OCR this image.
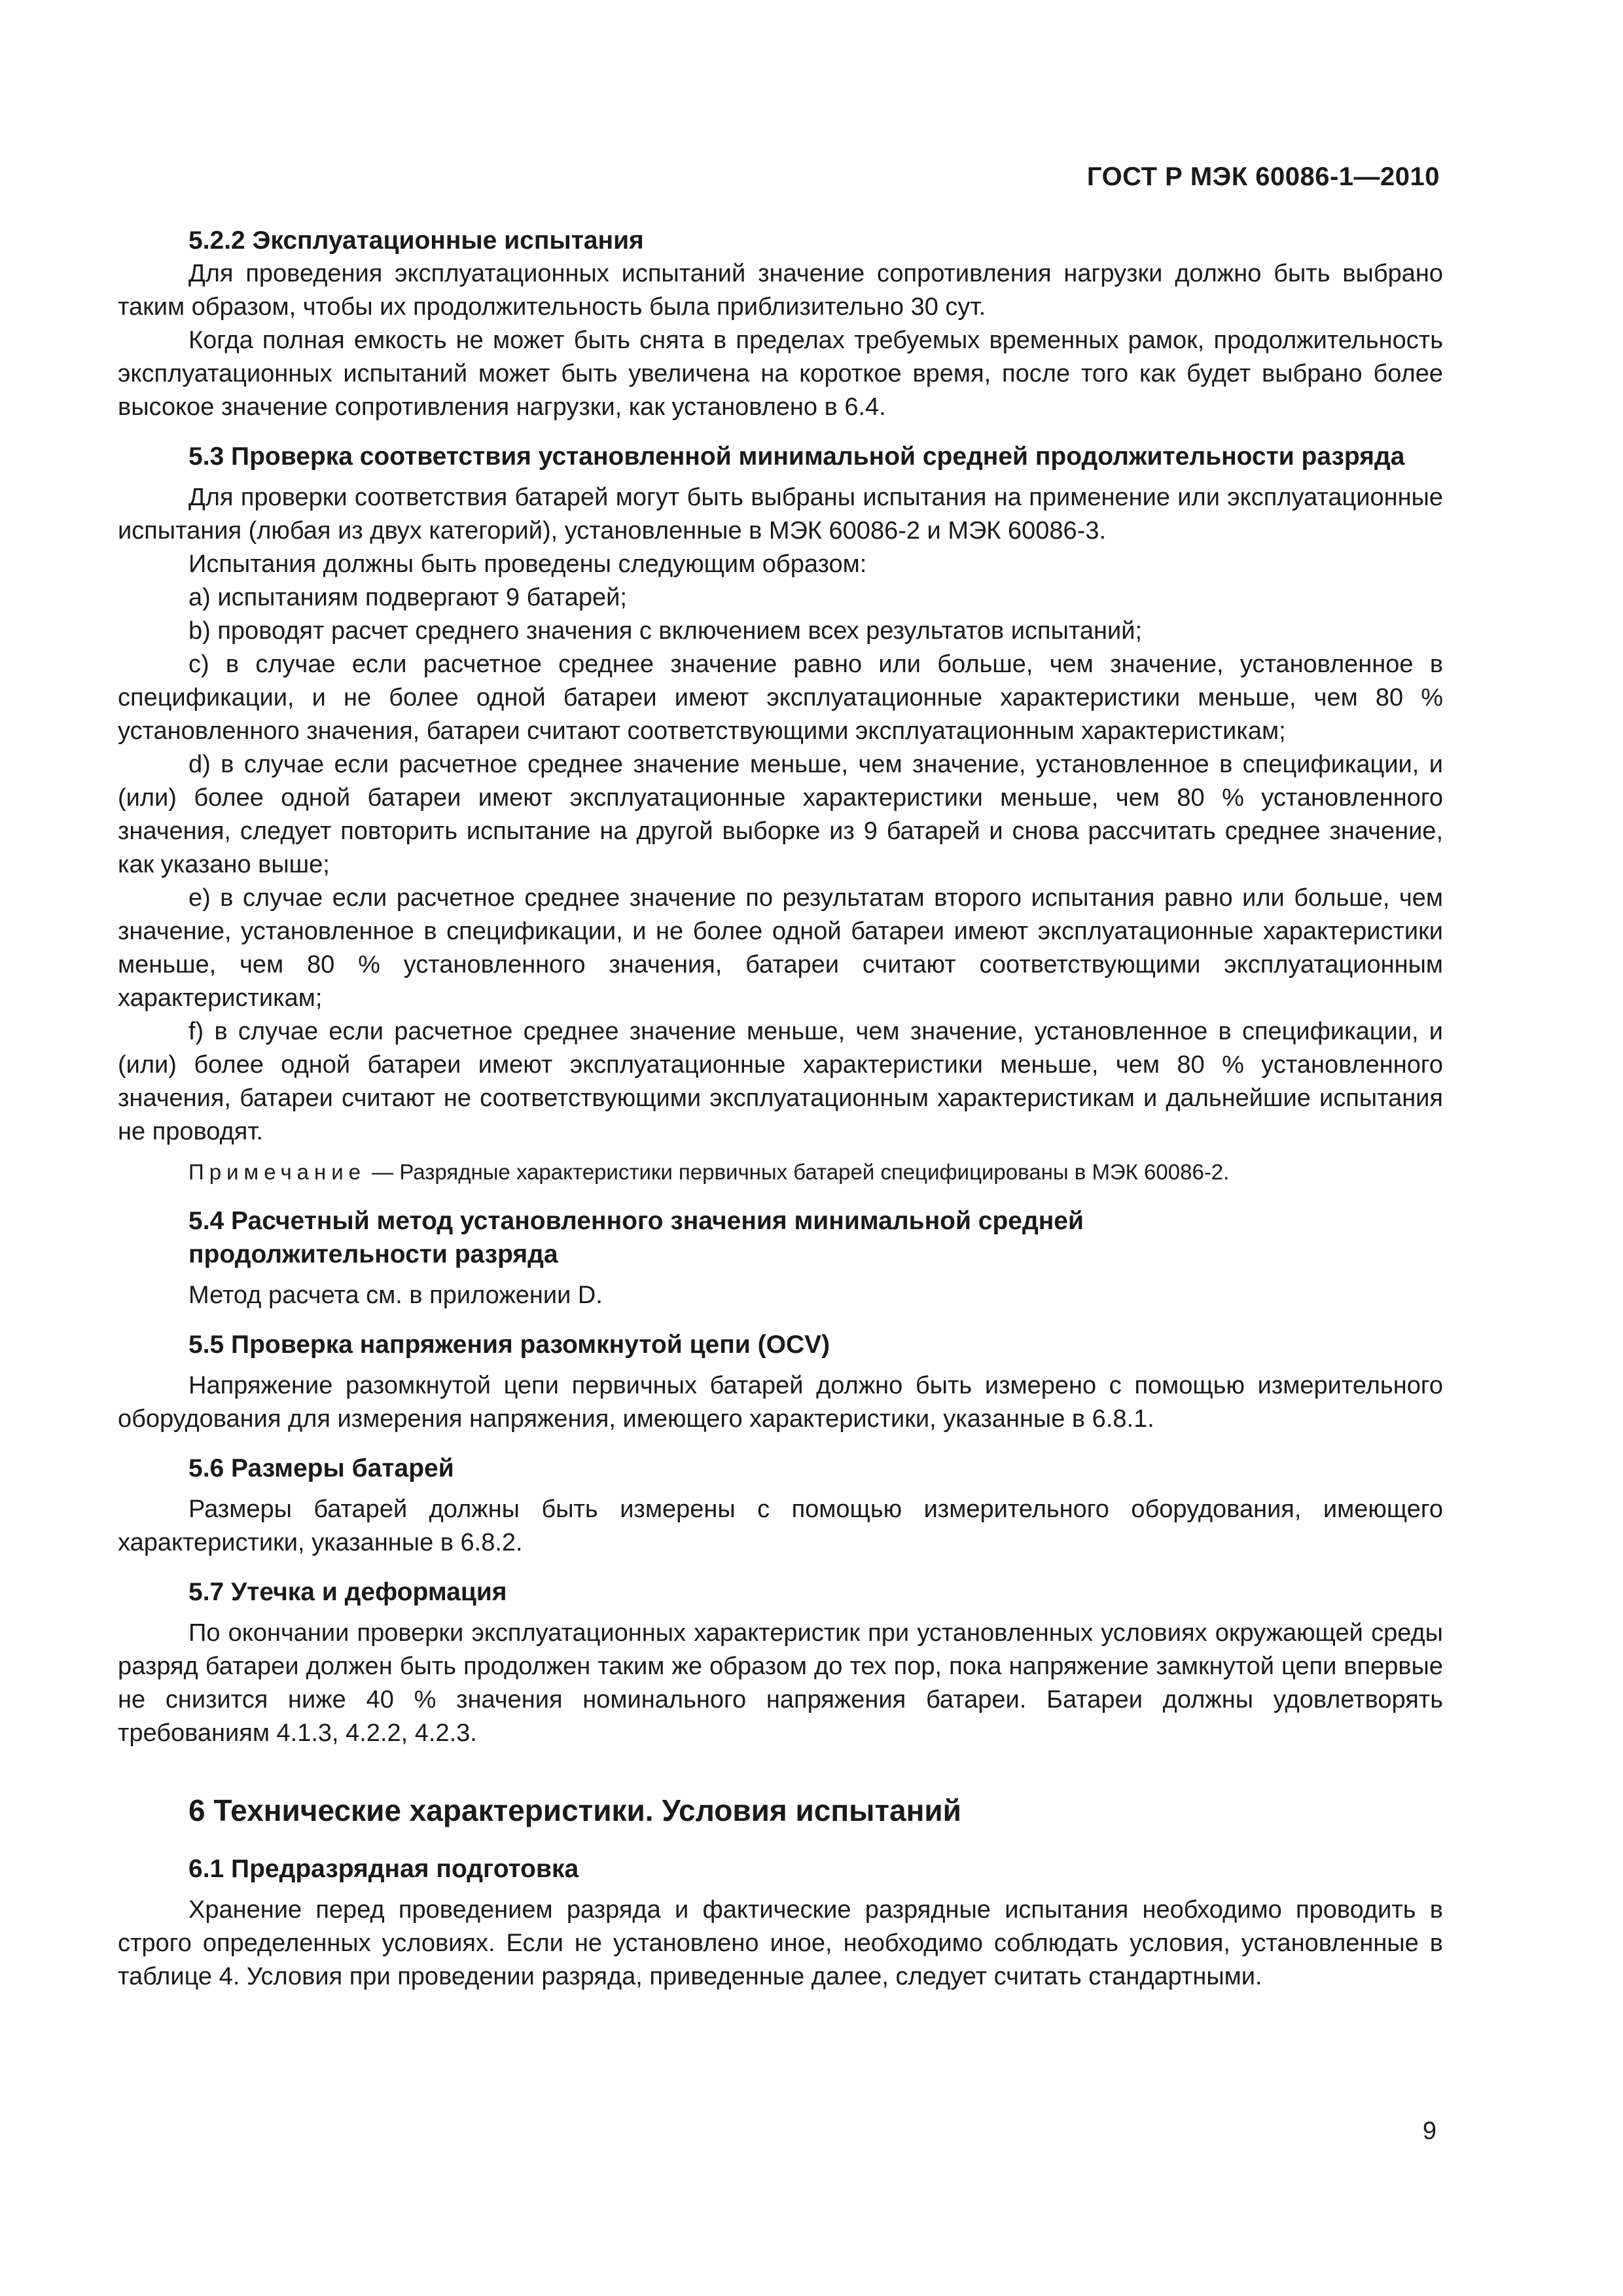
ГОСТ Р МЭК 60086-1—2010
5.2.2 Эксплуатационные испытания

Для проведения эксплуатационных испытаний значение сопротивления нагрузки должно быть выбрано таким образом, чтобы их продолжительность была приблизительно 30 сут.

Когда полная емкость не может быть снята в пределах требуемых временных рамок, продолжительность эксплуатационных испытаний может быть увеличена на короткое время, после того как будет выбрано более высокое значение сопротивления нагрузки, как установлено в 6.4.

5.3 Проверка соответствия установленной минимальной средней продолжительности разряда

Для проверки соответствия батарей могут быть выбраны испытания на применение или эксплуатационные испытания (любая из двух категорий), установленные в МЭК 60086-2 и МЭК 60086-3.

Испытания должны быть проведены следующим образом:

a) испытаниям подвергают 9 батарей;

b) проводят расчет среднего значения с включением всех результатов испытаний;

c) в случае если расчетное среднее значение равно или больше, чем значение, установленное в спецификации, и не более одной батареи имеют эксплуатационные характеристики меньше, чем 80 % установленного значения, батареи считают соответствующими эксплуатационным характеристикам;

d) в случае если расчетное среднее значение меньше, чем значение, установленное в спецификации, и (или) более одной батареи имеют эксплуатационные характеристики меньше, чем 80 % установленного значения, следует повторить испытание на другой выборке из 9 батарей и снова рассчитать среднее значение, как указано выше;

e) в случае если расчетное среднее значение по результатам второго испытания равно или больше, чем значение, установленное в спецификации, и не более одной батареи имеют эксплуатационные характеристики меньше, чем 80 % установленного значения, батареи считают соответствующими эксплуатационным характеристикам;

f) в случае если расчетное среднее значение меньше, чем значение, установленное в спецификации, и (или) более одной батареи имеют эксплуатационные характеристики меньше, чем 80 % установленного значения, батареи считают не соответствующими эксплуатационным характеристикам и дальнейшие испытания не проводят.

Примечание — Разрядные характеристики первичных батарей специфицированы в МЭК 60086-2.

5.4 Расчетный метод установленного значения минимальной средней
продолжительности разряда

Метод расчета см. в приложении D.

5.5 Проверка напряжения разомкнутой цепи (OCV)

Напряжение разомкнутой цепи первичных батарей должно быть измерено с помощью измерительного оборудования для измерения напряжения, имеющего характеристики, указанные в 6.8.1.

5.6 Размеры батарей

Размеры батарей должны быть измерены с помощью измерительного оборудования, имеющего характеристики, указанные в 6.8.2.

5.7 Утечка и деформация

По окончании проверки эксплуатационных характеристик при установленных условиях окружающей среды разряд батареи должен быть продолжен таким же образом до тех пор, пока напряжение замкнутой цепи впервые не снизится ниже 40 % значения номинального напряжения батареи. Батареи должны удовлетворять требованиям 4.1.3, 4.2.2, 4.2.3.

6 Технические характеристики. Условия испытаний
6.1 Предразрядная подготовка

Хранение перед проведением разряда и фактические разрядные испытания необходимо проводить в строго определенных условиях. Если не установлено иное, необходимо соблюдать условия, установленные в таблице 4. Условия при проведении разряда, приведенные далее, следует считать стандартными.

9
